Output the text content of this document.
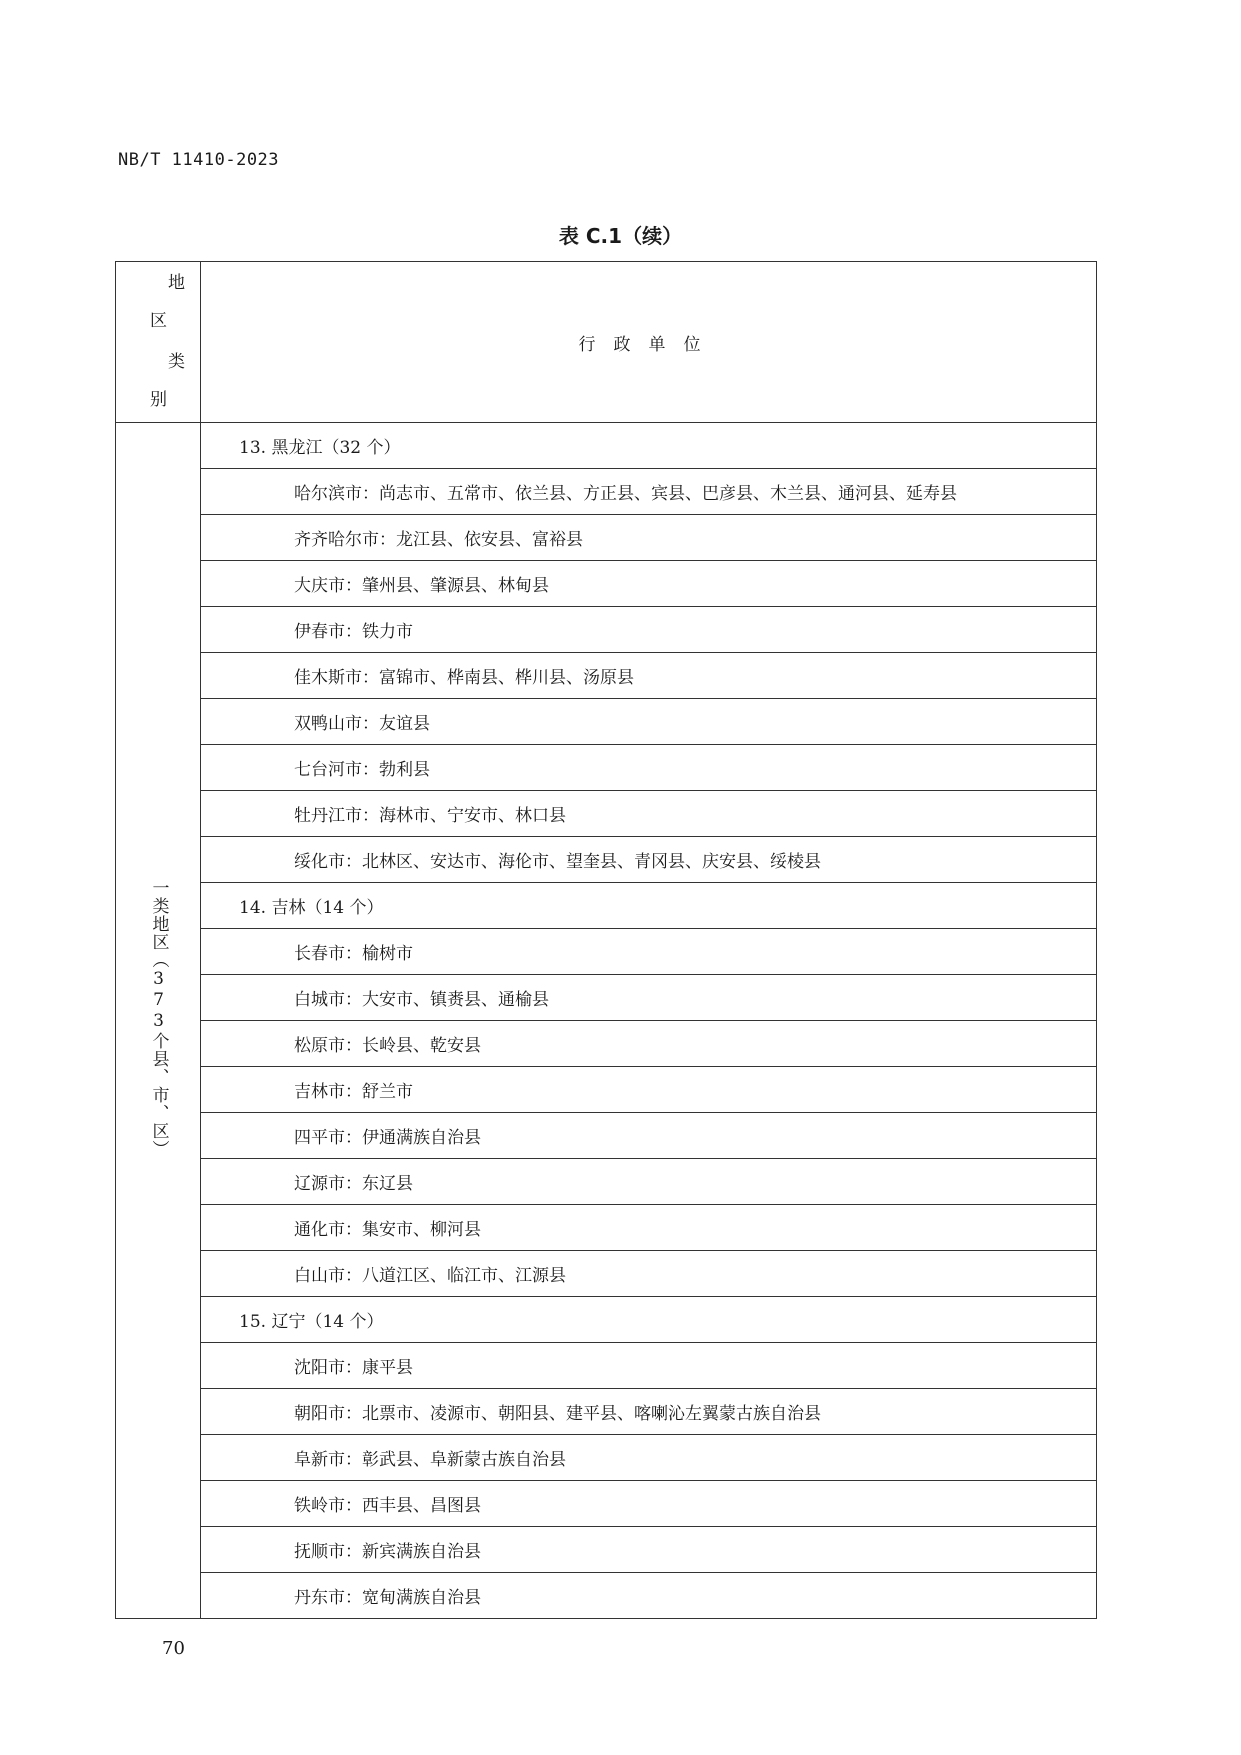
NB/T 11410-2023
表 C.1（续）
地
区
类
别	行政单位
一类地区（373个县、市、区）	13. 黑龙江（32 个）
	哈尔滨市：尚志市、五常市、依兰县、方正县、宾县、巴彦县、木兰县、通河县、延寿县
	齐齐哈尔市：龙江县、依安县、富裕县
	大庆市：肇州县、肇源县、林甸县
	伊春市：铁力市
	佳木斯市：富锦市、桦南县、桦川县、汤原县
	双鸭山市：友谊县
	七台河市：勃利县
	牡丹江市：海林市、宁安市、林口县
	绥化市：北林区、安达市、海伦市、望奎县、青冈县、庆安县、绥棱县
	14. 吉林（14 个）
	长春市：榆树市
	白城市：大安市、镇赉县、通榆县
	松原市：长岭县、乾安县
	吉林市：舒兰市
	四平市：伊通满族自治县
	辽源市：东辽县
	通化市：集安市、柳河县
	白山市：八道江区、临江市、江源县
	15. 辽宁（14 个）
	沈阳市：康平县
	朝阳市：北票市、凌源市、朝阳县、建平县、喀喇沁左翼蒙古族自治县
	阜新市：彰武县、阜新蒙古族自治县
	铁岭市：西丰县、昌图县
	抚顺市：新宾满族自治县
	丹东市：宽甸满族自治县
70
